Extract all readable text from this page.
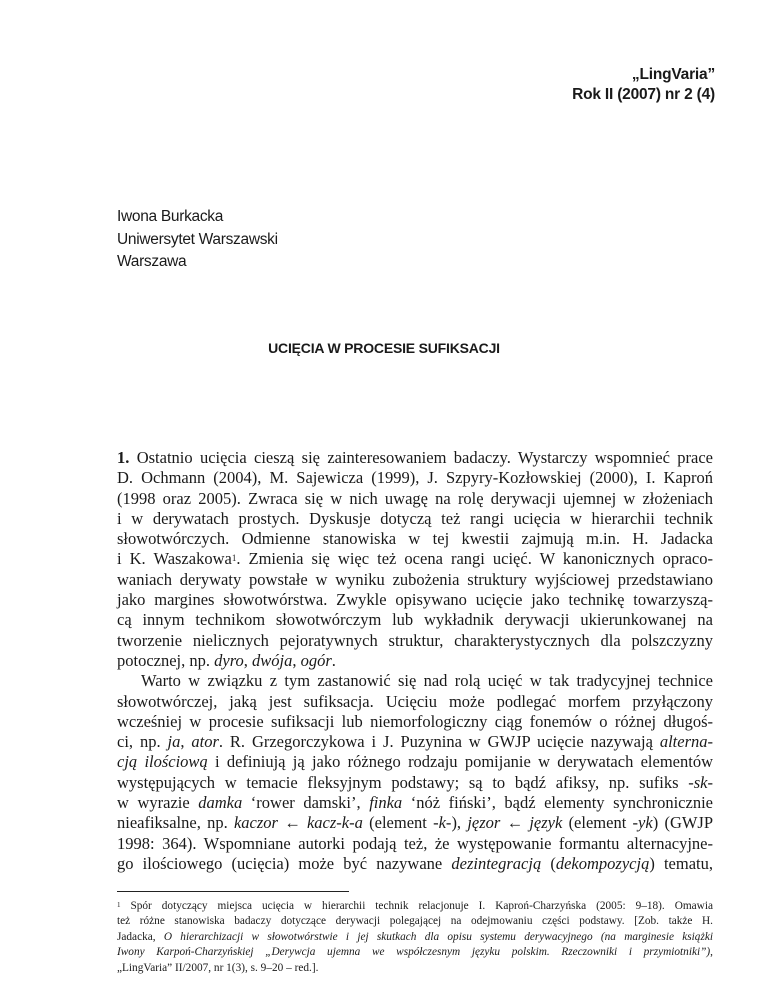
„LingVaria”
Rok II (2007) nr 2 (4)
Iwona Burkacka
Uniwersytet Warszawski
Warszawa
UCIĘCIA W PROCESIE SUFIKSACJI
1. Ostatnio ucięcia cieszą się zainteresowaniem badaczy. Wystarczy wspomnieć prace
D. Ochmann (2004), M. Sajewicza (1999), J. Szpyry-Kozłowskiej (2000), I. Kaproń
(1998 oraz 2005). Zwraca się w nich uwagę na rolę derywacji ujemnej w złożeniach
i w derywatach prostych. Dyskusje dotyczą też rangi ucięcia w hierarchii technik
słowotwórczych. Odmienne stanowiska w tej kwestii zajmują m.in. H. Jadacka
i K. Waszakowa$^1$. Zmienia się więc też ocena rangi ucięć. W kanonicznych opraco-
waniach derywaty powstałe w wyniku zubożenia struktury wyjściowej przedstawiano
jako margines słowotwórstwa. Zwykle opisywano ucięcie jako technikę towarzyszą-
cą innym technikom słowotwórczym lub wykładnik derywacji ukierunkowanej na
tworzenie nielicznych pejoratywnych struktur, charakterystycznych dla polszczyzny
potocznej, np. dyro, dwója, ogór.
Warto w związku z tym zastanowić się nad rolą ucięć w tak tradycyjnej technice
słowotwórczej, jaką jest sufiksacja. Ucięciu może podlegać morfem przyłączony
wcześniej w procesie sufiksacji lub niemorfologiczny ciąg fonemów o różnej długoś-
ci, np. ja, ator. R. Grzegorczykowa i J. Puzynina w GWJP ucięcie nazywają alterna-
cją ilościową i definiują ją jako różnego rodzaju pomijanie w derywatach elementów
występujących w temacie fleksyjnym podstawy; są to bądź afiksy, np. sufiks -sk-
w wyrazie damka ‘rower damski’, finka ‘nóż fiński’, bądź elementy synchronicznie
nieafiksalne, np. kaczor ← kacz-k-a (element -k-), jęzor ← język (element -yk) (GWJP
1998: 364). Wspomniane autorki podają też, że występowanie formantu alternacyjne-
go ilościowego (ucięcia) może być nazywane dezintegracją (dekompozycją) tematu,
$^1$ Spór dotyczący miejsca ucięcia w hierarchii technik relacjonuje I. Kaproń-Charzyńska (2005: 9–18). Omawia
też różne stanowiska badaczy dotyczące derywacji polegającej na odejmowaniu części podstawy. [Zob. także H.
Jadacka, O hierarchizacji w słowotwórstwie i jej skutkach dla opisu systemu derywacyjnego (na marginesie książki
Iwony Karpoń-Charzyńskiej „Derywcja ujemna we współczesnym języku polskim. Rzeczowniki i przymiotniki”),
„LingVaria” II/2007, nr 1(3), s. 9–20 – red.].
